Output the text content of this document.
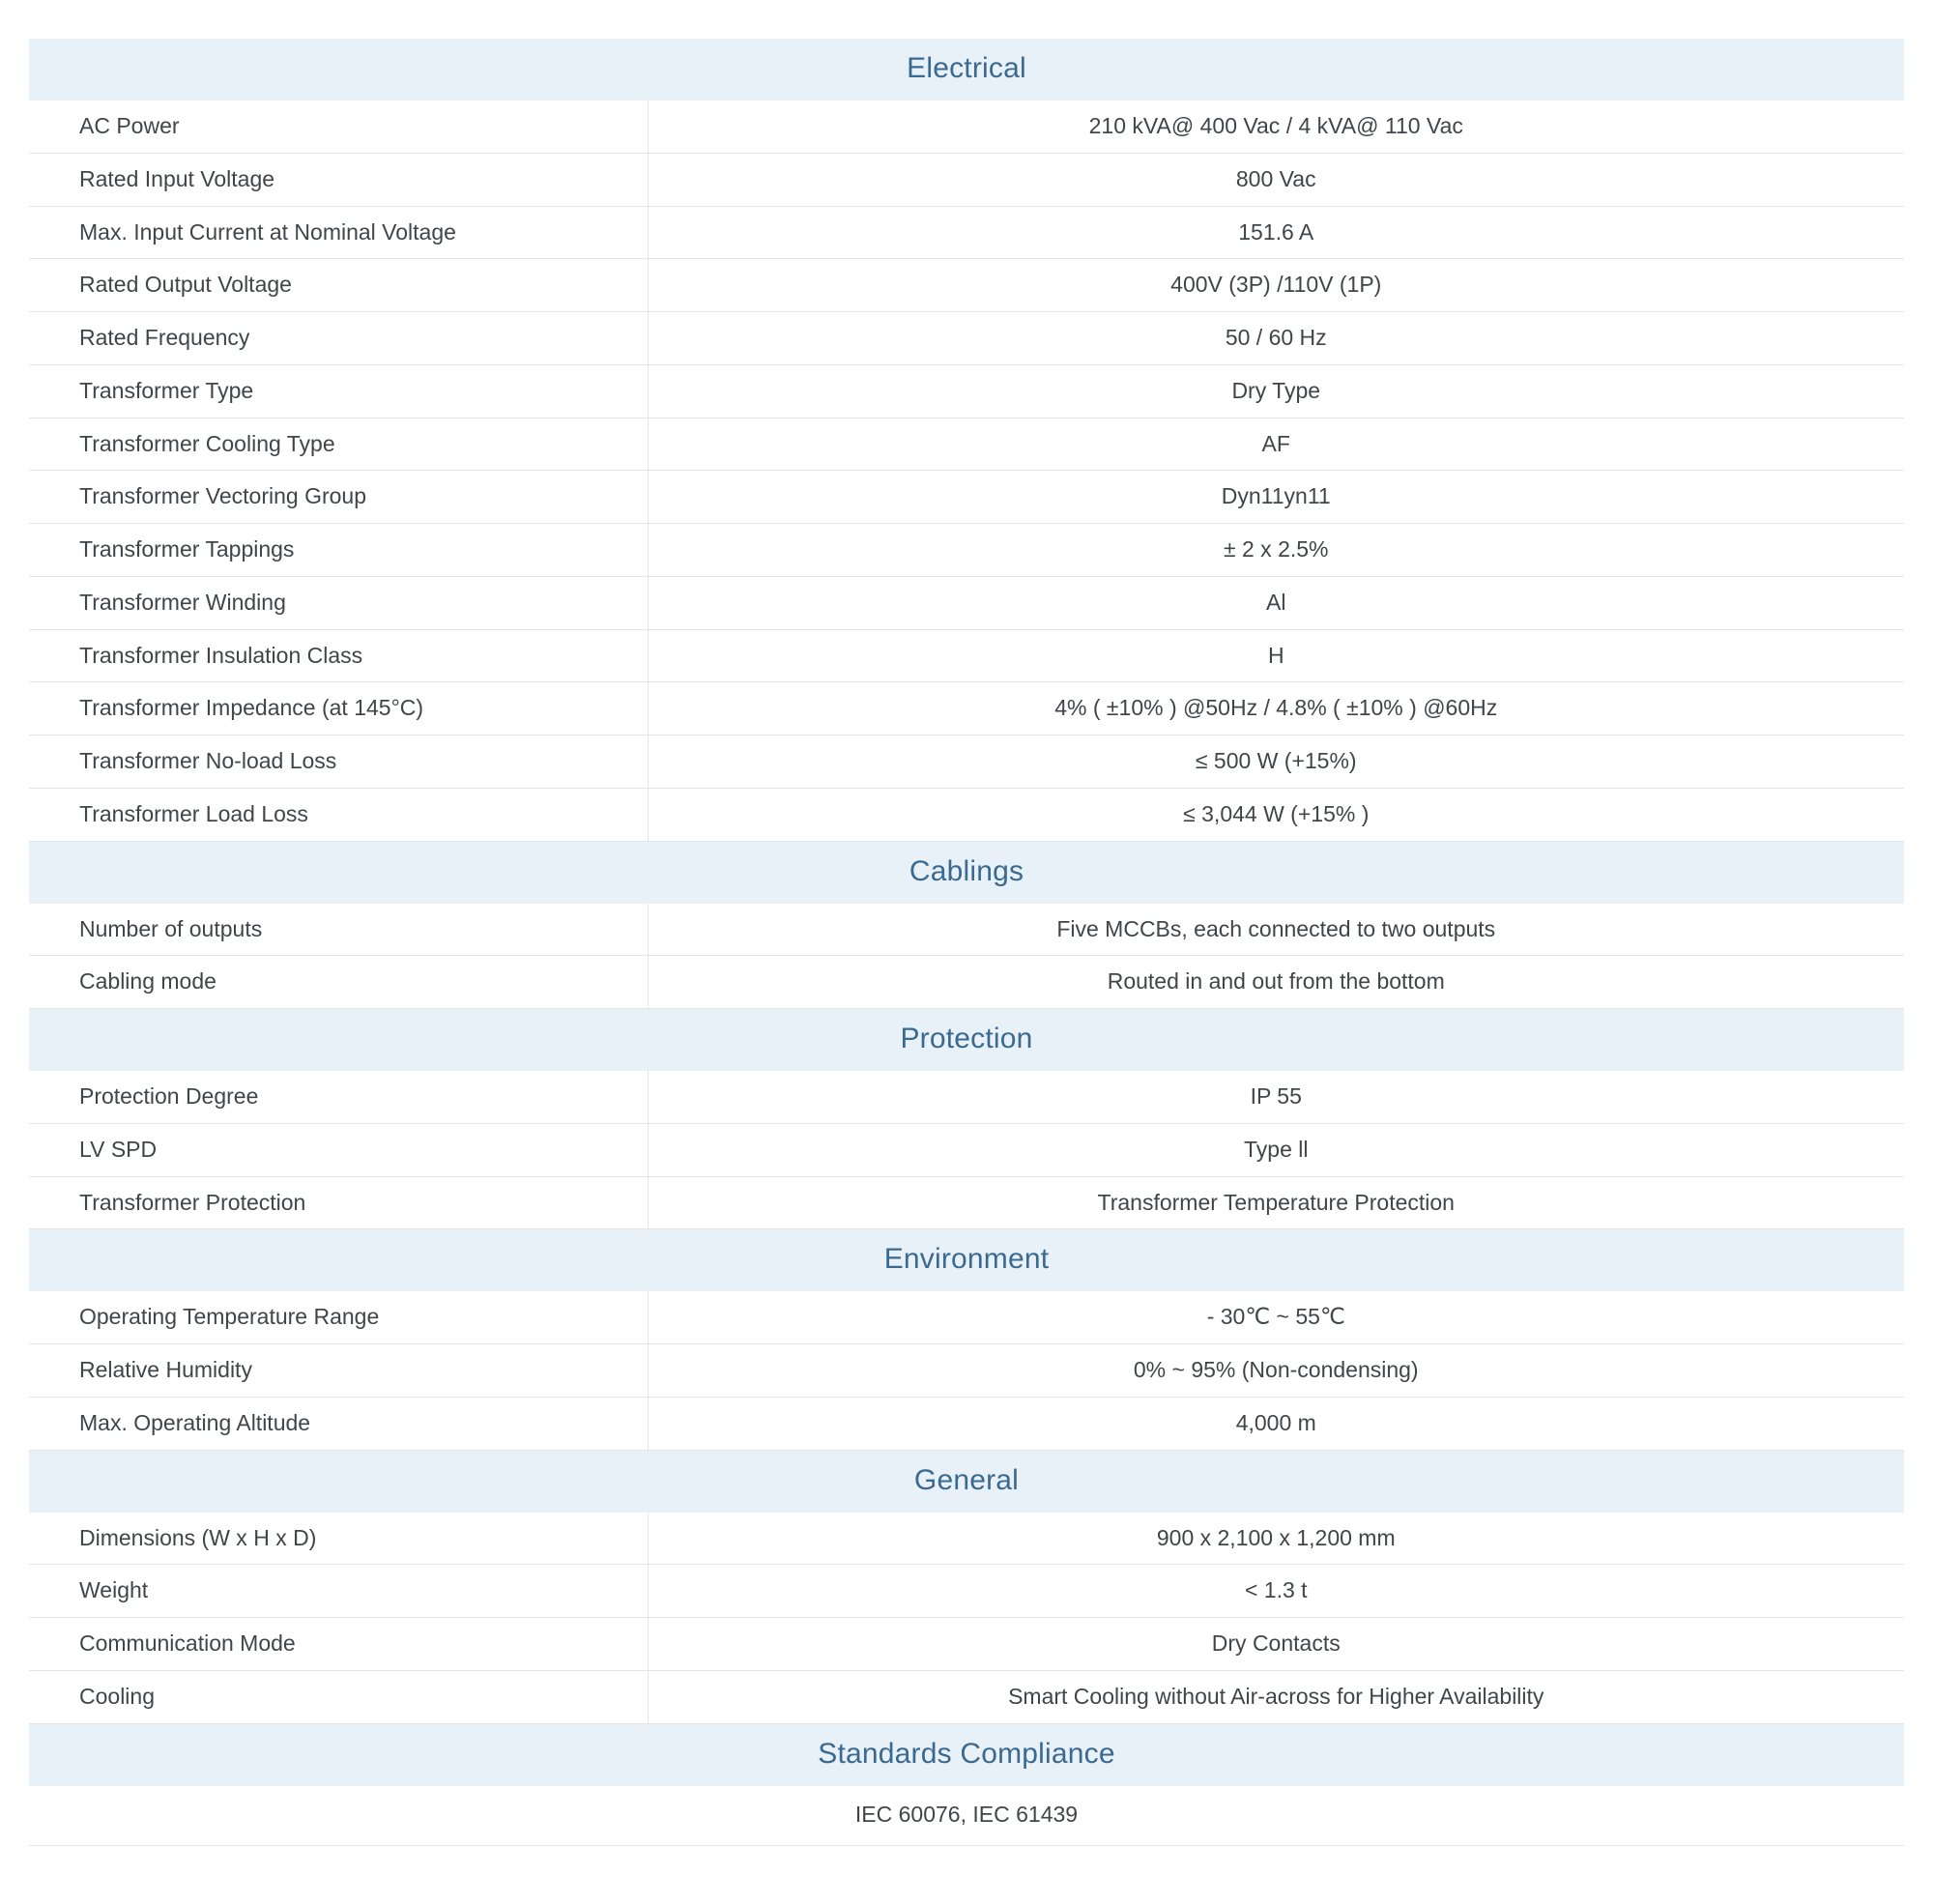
Electrical	
AC Power	210 kVA@ 400 Vac / 4 kVA@ 110 Vac
Rated Input Voltage	800 Vac
Max. Input Current at Nominal Voltage	151.6 A
Rated Output Voltage	400V (3P) /110V (1P)
Rated Frequency	50 / 60 Hz
Transformer Type	Dry Type
Transformer Cooling Type	AF
Transformer Vectoring Group	Dyn11yn11
Transformer Tappings	± 2 x 2.5%
Transformer Winding	Al
Transformer Insulation Class	H
Transformer Impedance (at 145°C)	4% ( ±10% ) @50Hz / 4.8% ( ±10% ) @60Hz
Transformer No-load Loss	≤ 500 W (+15%)
Transformer Load Loss	≤ 3,044 W (+15% )
Cablings	
Number of outputs	Five MCCBs, each connected to two outputs
Cabling mode	Routed in and out from the bottom
Protection	
Protection Degree	IP 55
LV SPD	Type ll
Transformer Protection	Transformer Temperature Protection
Environment	
Operating Temperature Range	- 30℃ ~ 55℃
Relative Humidity	0% ~ 95% (Non-condensing)
Max. Operating Altitude	4,000 m
General	
Dimensions (W x H x D)	900 x 2,100 x 1,200 mm
Weight	< 1.3 t
Communication Mode	Dry Contacts
Cooling	Smart Cooling without Air-across for Higher Availability
Standards Compliance	
IEC 60076, IEC 61439	
